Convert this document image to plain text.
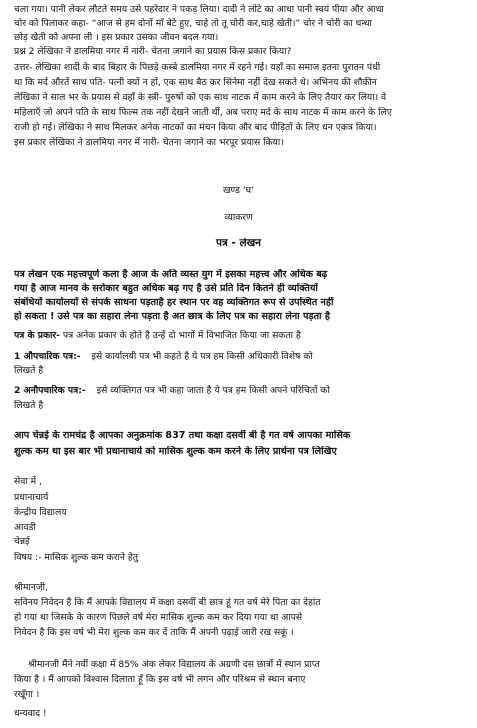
चला गया। पानी लेकर लौटते समय उसे पहरेदार ने पकड़ लिया। दादी ने लोटे का आधा पानी स्वयं पीया और आधा
चोर को पिलाकर कहा- “आज से हम दोनों माँ बेटे हुए, चाहे तो तू चोरी कर,चाहे खेती।” चोर ने चोरी का धन्धा
छोड़ खेती को अपना ली । इस प्रकार उसका जीवन बदल गया।
प्रश्न 2 लेखिका ने डालमिया नगर में नारी- चेतना जगाने का प्रयास किस प्रकार किया?
उत्तर- लेखिका शादी के बाद बिहार के पिछड़े कस्बे डालमिया नगर में रहने गई। यहाँ का समाज इतना पुरातन पंथी
था कि मर्द औरतें साथ पति- पत्नी क्यों न हों, एक साथ बैठ कर सिनेमा नहीं देख सकते थे। अभिनय की शौकीन
लेखिका ने साल भर के प्रयास से वहाँ के स्त्री- पुरुषों को एक साथ नाटक में काम करने के लिए तैयार कर लिया। वे
महिलाएँ जो अपने पति के साथ फिल्म तक नहीं देखने जाती थीं, अब पराए मर्द के साथ नाटक में काम करने के लिए
राजी हो गई। लेखिका ने साथ मिलकर अनेक नाटकों का मंचन किया और बाद पीड़ितों के लिए धन एकत्र किया।
इस प्रकार लेखिका ने डालमिया नगर में नारी- चेतना जगाने का भरपूर प्रयास किया।
खण्ड ‘घ’
व्याकरण
पत्र - लेखन
पत्र लेखन एक महत्त्वपूर्ण कला है आज के अति व्यस्त युग में इसका महत्त्व और अधिक बढ़
गया है आज मानव के सरोकार बहुत अधिक बढ़ गए है उसे प्रति दिन कितने ही व्यक्तियों
संबंधियों कार्यालयों से संपर्क साधना पड़ताहै हर स्थान पर वह व्यक्तिगत रूप से उपस्थित नहीं
हो सकता ! उसे पत्र का सहारा लेना पड़ता है अत छात्र के लिए पत्र का सहारा लेना पड़ता है
पत्र के प्रकार- पत्र अनेक प्रकार के होते है उन्हें दो भागों में विभाजित किया जा सकता है
1 औपचारिक पत्र:- इसे कार्यालयी पत्र भी कहते है ये पत्र हम किसी अधिकारी विशेष को
लिखते है
2 अनौपचारिक पत्र:- इसे व्यक्तिगत पत्र भी कहा जाता है ये पत्र हम किसी अपने परिचितों को
लिखते है
आप चेन्नई के रामचंद्र है आपका अनुक्रमांक 837 तथा कक्षा दसवीं बी है गत वर्ष आपका मासिक
शुल्क कम था इस बार भी प्रधानाचार्य को मासिक शुल्क कम करने के लिए प्रार्थना पत्र लिखिए
सेवा में ,
प्रधानाचार्य
केन्द्रीय विद्यालय
आवडी
चेन्नई
विषय :- मासिक शुल्क कम कराने हेतु
श्रीमानजी,
सविनय निवेदन है कि मैं आपके विद्यालय में कक्षा दसवीं बी छात्र हूं गत वर्ष मेरे पिता का देहांत
हो गया था जिसके के कारण पिछले वर्ष मेरा मासिक शुल्क कम कर दिया गया था आपसे
निवेदन है कि इस वर्ष भी मेरा शुल्क कम कर दें ताकि मैं अपनी पढ़ाई जारी रख सकूं ।
श्रीमानजी मैंने नवीं कक्षा में 85% अंक लेकर विद्यालय के अग्रणी दस छात्रों में स्थान प्राप्त
किया है । मैं आपको विश्वास दिलाता हूँ कि इस वर्ष भी लगन और परिश्रम से स्थान बनाए
रखूँगा ।
धन्यवाद !
